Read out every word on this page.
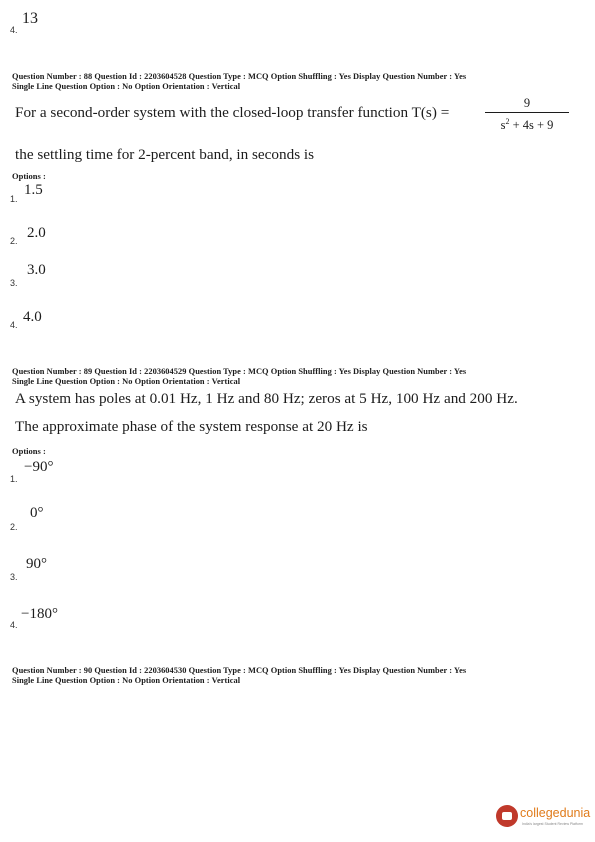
4.
13
Question Number : 88 Question Id : 2203604528 Question Type : MCQ Option Shuffling : Yes Display Question Number : Yes
Single Line Question Option : No Option Orientation : Vertical
For a second-order system with the closed-loop transfer function T(s) =
9
$s^2 + 4s + 9$
the settling time for 2-percent band, in seconds is
Options :
1.
1.5
2. 2.0
3.
3.0
4. 4.0
Question Number : 89 Question Id : 2203604529 Question Type : MCQ Option Shuffling : Yes Display Question Number : Yes
Single Line Question Option : No Option Orientation : Vertical
A system has poles at 0.01 Hz, 1 Hz and 80 Hz; zeros at 5 Hz, 100 Hz and 200 Hz.
The approximate phase of the system response at 20 Hz is
Options :
1.
−90°
2.
0°
3.
90°
4.
−180°
Question Number : 90 Question Id : 2203604530 Question Type : MCQ Option Shuffling : Yes Display Question Number : Yes
Single Line Question Option : No Option Orientation : Vertical
collegedunia
India's largest Student Review Platform
